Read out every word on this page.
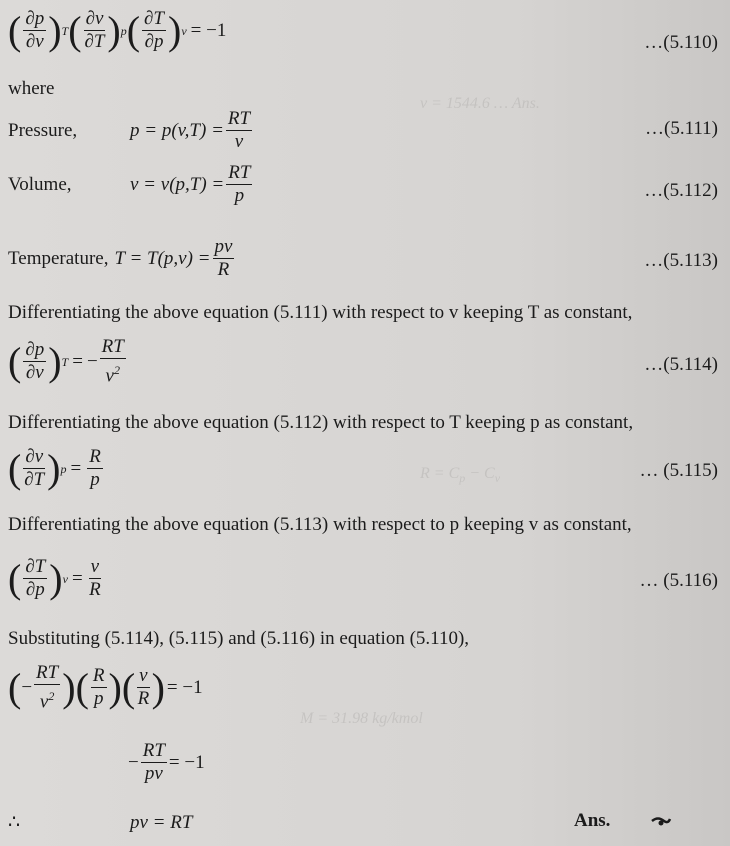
v = 1544.6 … Ans.
$R = C_p - C_v$
M = 31.98 kg/kmol
( $\frac{\partial p}{\partial v}$ ) T ( $\frac{\partial v}{\partial T}$ ) p ( $\frac{\partial T}{\partial p}$ ) v = −1
…(5.110)
where
Pressure,	$p = p(v,T) = \frac{RT}{v}$	…(5.111)
Volume,	$v = v(p,T) = \frac{RT}{p}$	…(5.112)
Temperature, $T = T(p,v) = \frac{pv}{R}$	…(5.113)
Differentiating the above equation (5.111) with respect to v keeping T as constant,
( $\frac{\partial p}{\partial v}$ ) T = − $\frac{RT}{v^2}$	…(5.114)
Differentiating the above equation (5.112) with respect to T keeping p as constant,
( $\frac{\partial v}{\partial T}$ ) $p = \frac{R}{p}$	… (5.115)
Differentiating the above equation (5.113) with respect to p keeping v as constant,
( $\frac{\partial T}{\partial p}$ ) $v = \frac{v}{R}$	… (5.116)
Substituting (5.114), (5.115) and (5.116) in equation (5.110),
( − $\frac{RT}{v^2}$ ) ( $\frac{R}{p}$ ) ( $\frac{v}{R}$ ) = −1
− $\frac{RT}{pv} = -1$
∴	pv = RT	Ans.
